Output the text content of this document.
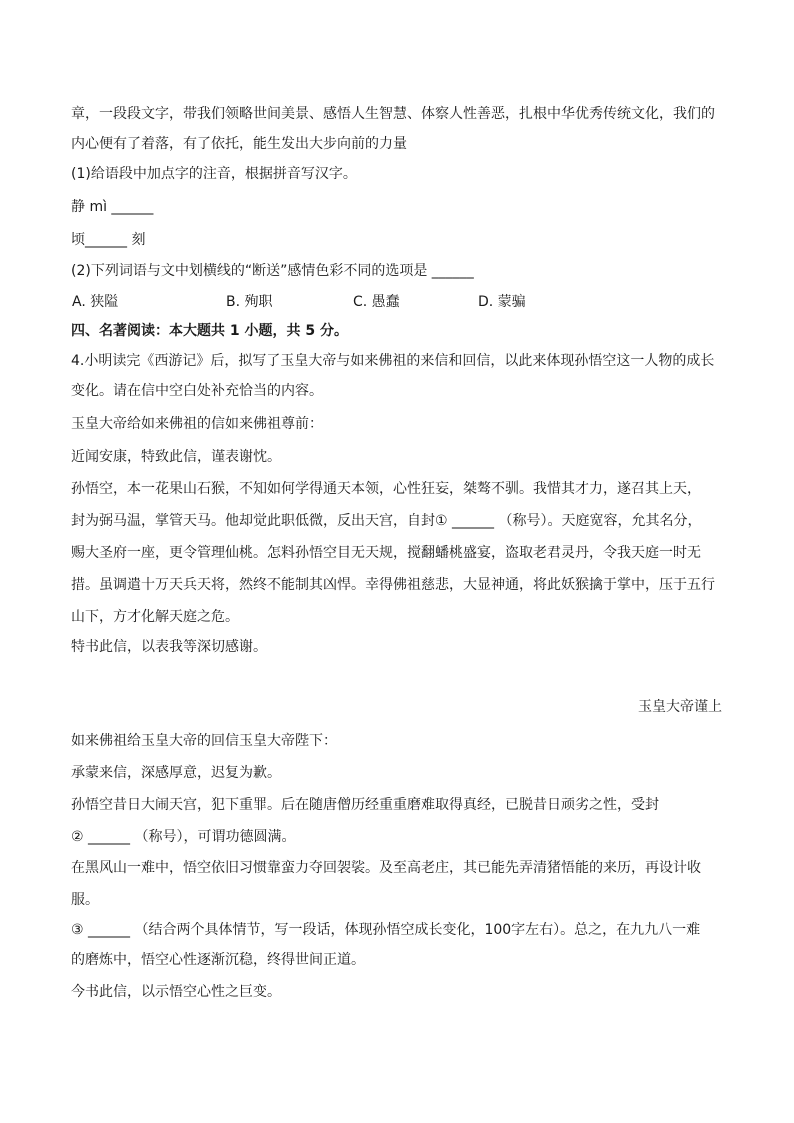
玉皇大帝谨上
章，一段段文字，带我们领略世间美景、感悟人生智慧、体察人性善恶，扎根中华优秀传统文化，我们的
内心便有了着落，有了依托，能生发出大步向前的力量
(1)给语段中加点字的注音，根据拼音写汉字。
静 mì ______
顷______ 刻
(2)下列词语与文中划横线的“断送”感情色彩不同的选项是 ______
四、名著阅读：本大题共 1 小题，共 5 分。
4.小明读完《西游记》后，拟写了玉皇大帝与如来佛祖的来信和回信，以此来体现孙悟空这一人物的成长
变化。请在信中空白处补充恰当的内容。
玉皇大帝给如来佛祖的信如来佛祖尊前：
近闻安康，特致此信，谨表谢忱。
孙悟空，本一花果山石猴，不知如何学得通天本领，心性狂妄，桀骜不驯。我惜其才力，遂召其上天，
封为弼马温，掌管天马。他却觉此职低微，反出天宫，自封① ______ （称号）。天庭宽容，允其名分，
赐大圣府一座，更令管理仙桃。怎料孙悟空目无天规，搅翻蟠桃盛宴，盗取老君灵丹，令我天庭一时无
措。虽调遣十万天兵天将，然终不能制其凶悍。幸得佛祖慈悲，大显神通，将此妖猴擒于掌中，压于五行
山下，方才化解天庭之危。
特书此信，以表我等深切感谢。
如来佛祖给玉皇大帝的回信玉皇大帝陛下：
承蒙来信，深感厚意，迟复为歉。
孙悟空昔日大闹天宫，犯下重罪。后在随唐僧历经重重磨难取得真经，已脱昔日顽劣之性，受封
② ______ （称号），可谓功德圆满。
在黑风山一难中，悟空依旧习惯靠蛮力夺回袈裟。及至高老庄，其已能先弄清猪悟能的来历，再设计收
服。
③ ______ （结合两个具体情节，写一段话，体现孙悟空成长变化，100字左右）。总之，在九九八一难
的磨炼中，悟空心性逐渐沉稳，终得世间正道。
今书此信，以示悟空心性之巨变。
A. 狭隘	B. 殉职	C. 愚蠢	D. 蒙骗
